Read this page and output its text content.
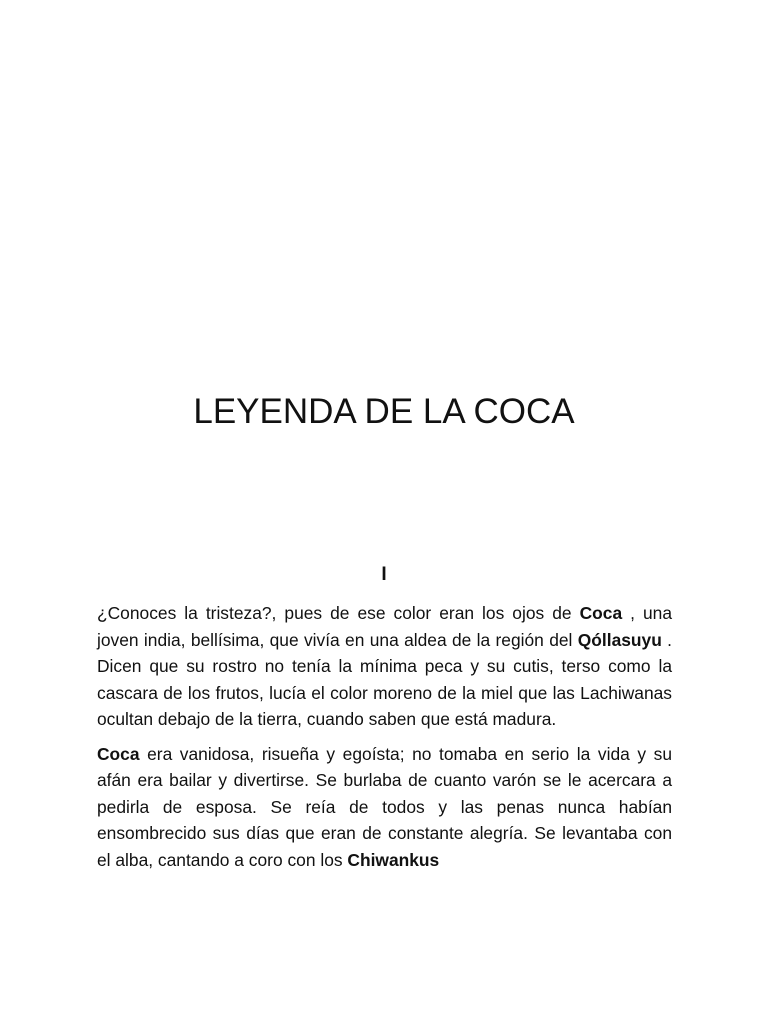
LEYENDA DE LA COCA
I

¿Conoces la tristeza?, pues de ese color eran los ojos de Coca , una joven india, bellísima, que vivía en una aldea de la región del Qóllasuyu . Dicen que su rostro no tenía la mínima peca y su cutis, terso como la cascara de los frutos, lucía el color moreno de la miel que las Lachiwanas ocultan debajo de la tierra, cuando saben que está madura.

Coca era vanidosa, risueña y egoísta; no tomaba en serio la vida y su afán era bailar y divertirse. Se burlaba de cuanto varón se le acercara a pedirla de esposa. Se reía de todos y las penas nunca habían ensombrecido sus días que eran de constante alegría. Se levantaba con el alba, cantando a coro con los Chiwankus
